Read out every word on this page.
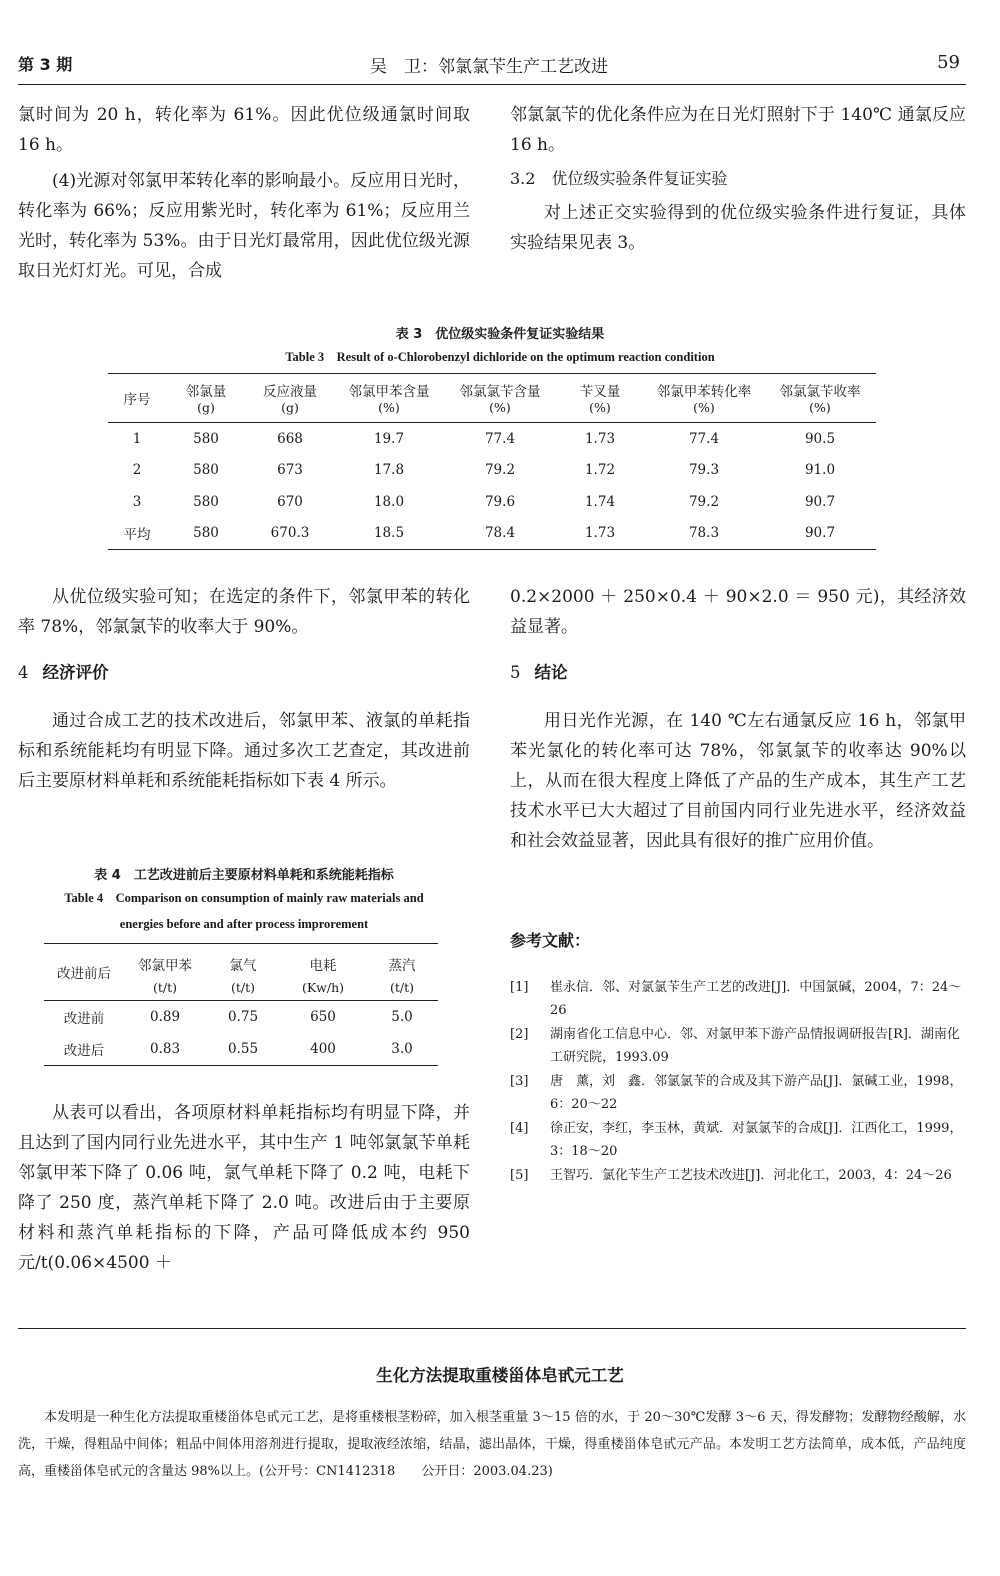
第 3 期	吴　卫：邻氯氯苄生产工艺改进	59

氯时间为 20 h，转化率为 61%。因此优位级通氯时间取 16 h。

(4)光源对邻氯甲苯转化率的影响最小。反应用日光时，转化率为 66%；反应用紫光时，转化率为 61%；反应用兰光时，转化率为 53%。由于日光灯最常用，因此优位级光源取日光灯灯光。可见，合成

邻氯氯苄的优化条件应为在日光灯照射下于 140℃ 通氯反应 16 h。

3.2 优位级实验条件复证实验

对上述正交实验得到的优位级实验条件进行复证，具体实验结果见表 3。

表 3　优位级实验条件复证实验结果
Table 3　Result of o-Chlorobenzyl dichloride on the optimum reaction condition
序号	邻氯量	反应液量	邻氯甲苯含量	邻氯氯苄含量	苄叉量	邻氯甲苯转化率	邻氯氯苄收率
	(g)	(g)	(%)	(%)	(%)	(%)	(%)
1	580	668	19.7	77.4	1.73	77.4	90.5
2	580	673	17.8	79.2	1.72	79.3	91.0
3	580	670	18.0	79.6	1.74	79.2	90.7
平均	580	670.3	18.5	78.4	1.73	78.3	90.7

从优位级实验可知；在选定的条件下，邻氯甲苯的转化率 78%，邻氯氯苄的收率大于 90%。

4 经济评价

通过合成工艺的技术改进后，邻氯甲苯、液氯的单耗指标和系统能耗均有明显下降。通过多次工艺查定，其改进前后主要原材料单耗和系统能耗指标如下表 4 所示。

表 4　工艺改进前后主要原材料单耗和系统能耗指标
Table 4　Comparison on consumption of mainly raw materials and
energies before and after process improrement
改进前后	邻氯甲苯	氯气	电耗	蒸汽
	(t/t)	(t/t)	(Kw/h)	(t/t)
改进前	0.89	0.75	650	5.0
改进后	0.83	0.55	400	3.0

从表可以看出，各项原材料单耗指标均有明显下降，并且达到了国内同行业先进水平，其中生产 1 吨邻氯氯苄单耗邻氯甲苯下降了 0.06 吨，氯气单耗下降了 0.2 吨，电耗下降了 250 度，蒸汽单耗下降了 2.0 吨。改进后由于主要原材料和蒸汽单耗指标的下降，产品可降低成本约 950 元/t(0.06×4500 ＋

0.2×2000 ＋ 250×0.4 ＋ 90×2.0 ＝ 950 元)，其经济效益显著。

5 结论

用日光作光源，在 140 ℃左右通氯反应 16 h，邻氯甲苯光氯化的转化率可达 78%，邻氯氯苄的收率达 90%以上，从而在很大程度上降低了产品的生产成本，其生产工艺技术水平已大大超过了目前国内同行业先进水平，经济效益和社会效益显著，因此具有很好的推广应用价值。

参考文献：
[1] 崔永信．邻、对氯氯苄生产工艺的改进[J]．中国氯碱，2004，7：24～26
[2] 湖南省化工信息中心．邻、对氯甲苯下游产品情报调研报告[R]．湖南化工研究院，1993.09
[3] 唐　薰，刘　鑫．邻氯氯苄的合成及其下游产品[J]．氯碱工业，1998，6：20～22
[4] 徐正安，李红，李玉林，黄斌．对氯氯苄的合成[J]．江西化工，1999，3：18～20
[5] 王智巧．氯化苄生产工艺技术改进[J]．河北化工，2003，4：24～26
生化方法提取重楼甾体皂甙元工艺

本发明是一种生化方法提取重楼甾体皂甙元工艺，是将重楼根茎粉碎，加入根茎重量 3～15 倍的水，于 20～30℃发酵 3～6 天，得发酵物；发酵物经酸解，水洗，干燥，得粗品中间体；粗品中间体用溶剂进行提取，提取液经浓缩，结晶，滤出晶体，干燥，得重楼甾体皂甙元产品。本发明工艺方法简单，成本低，产品纯度高，重楼甾体皂甙元的含量达 98%以上。(公开号：CN1412318　　公开日：2003.04.23)
